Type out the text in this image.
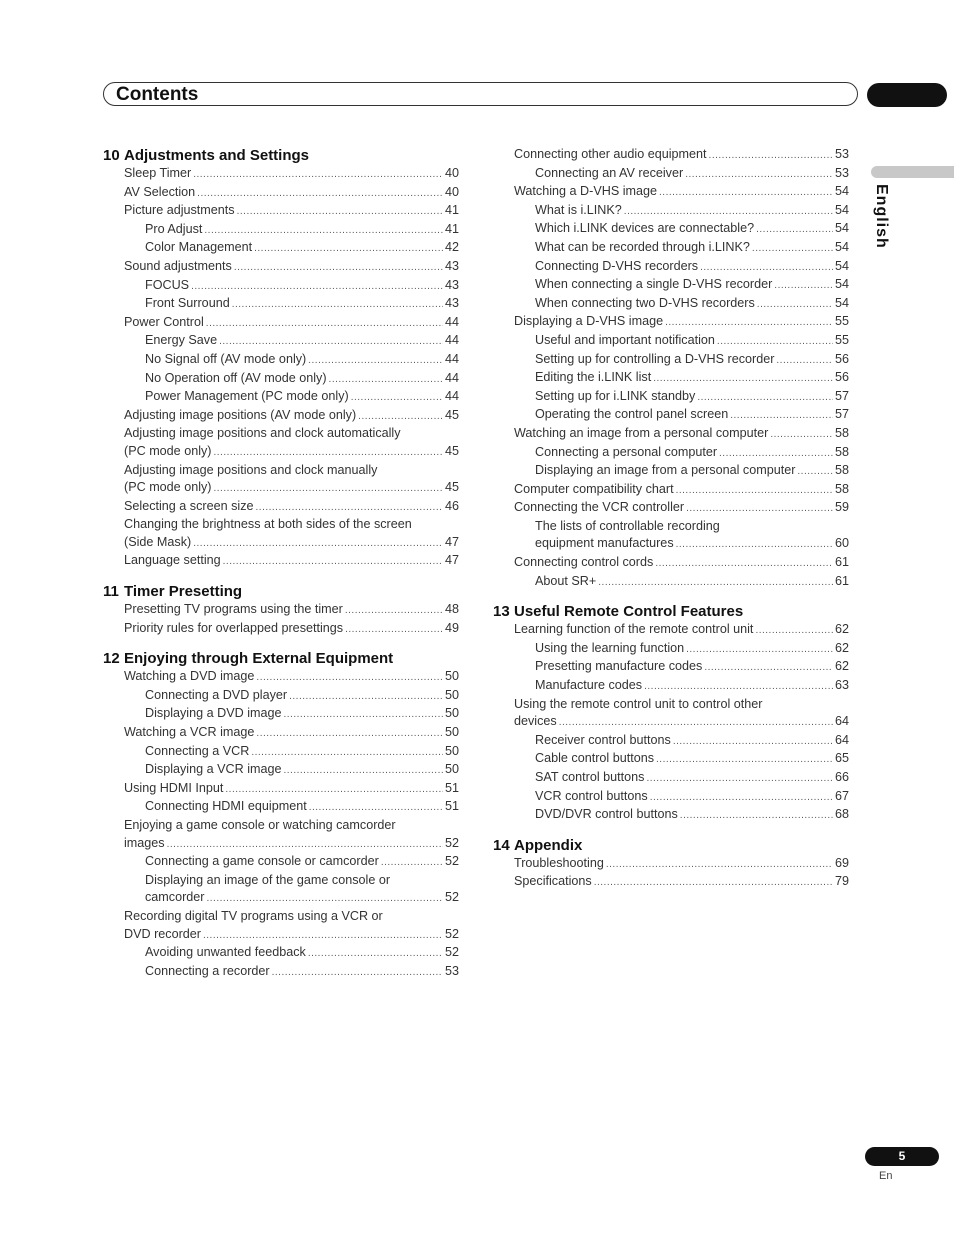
Contents
English
10 Adjustments and Settings
Sleep Timer .....	40
AV Selection .....	40
Picture adjustments .....	41
Pro Adjust .....	41
Color Management .....	42
Sound adjustments .....	43
FOCUS .....	43
Front Surround .....	43
Power Control .....	44
Energy Save .....	44
No Signal off (AV mode only) .....	44
No Operation off (AV mode only) .....	44
Power Management (PC mode only) .....	44
Adjusting image positions (AV mode only) .....	45
Adjusting image positions and clock automatically
(PC mode only) .....	45
Adjusting image positions and clock manually
(PC mode only) .....	45
Selecting a screen size .....	46
Changing the brightness at both sides of the screen
(Side Mask) .....	47
Language setting .....	47
11 Timer Presetting
Presetting TV programs using the timer .....	48
Priority rules for overlapped presettings .....	49
12 Enjoying through External Equipment
Watching a DVD image .....	50
Connecting a DVD player .....	50
Displaying a DVD image .....	50
Watching a VCR image .....	50
Connecting a VCR .....	50
Displaying a VCR image .....	50
Using HDMI Input .....	51
Connecting HDMI equipment .....	51
Enjoying a game console or watching camcorder
images .....	52
Connecting a game console or camcorder .....	52
Displaying an image of the game console or
camcorder .....	52
Recording digital TV programs using a VCR or
DVD recorder .....	52
Avoiding unwanted feedback .....	52
Connecting a recorder .....	53
Connecting other audio equipment .....	53
Connecting an AV receiver .....	53
Watching a D-VHS image .....	54
What is i.LINK? .....	54
Which i.LINK devices are connectable? .....	54
What can be recorded through i.LINK? .....	54
Connecting D-VHS recorders .....	54
When connecting a single D-VHS recorder .....	54
When connecting two D-VHS recorders .....	54
Displaying a D-VHS image .....	55
Useful and important notification .....	55
Setting up for controlling a D-VHS recorder .....	56
Editing the i.LINK list .....	56
Setting up for i.LINK standby .....	57
Operating the control panel screen .....	57
Watching an image from a personal computer .....	58
Connecting a personal computer .....	58
Displaying an image from a personal computer .....	58
Computer compatibility chart .....	58
Connecting the VCR controller .....	59
The lists of controllable recording
equipment manufactures .....	60
Connecting control cords .....	61
About SR+ .....	61
13 Useful Remote Control Features
Learning function of the remote control unit .....	62
Using the learning function .....	62
Presetting manufacture codes .....	62
Manufacture codes .....	63
Using the remote control unit to control other
devices .....	64
Receiver control buttons .....	64
Cable control buttons .....	65
SAT control buttons .....	66
VCR control buttons .....	67
DVD/DVR control buttons .....	68
14 Appendix
Troubleshooting .....	69
Specifications .....	79
5
En
